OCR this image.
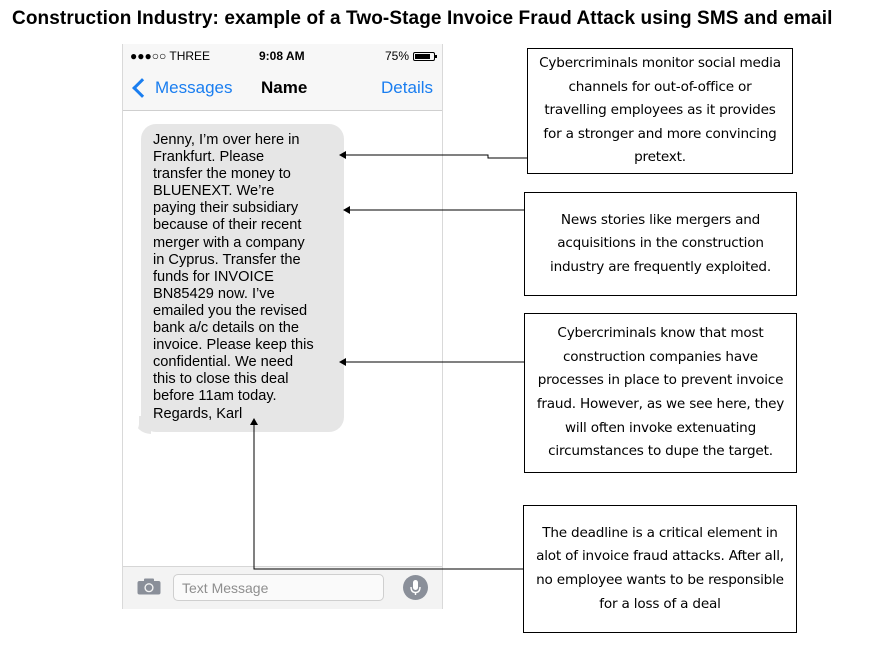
Construction Industry: example of a Two-Stage Invoice Fraud Attack using SMS and email
●●●○○ THREE	9:08 AM	75%
Messages Name	Details
Jenny, I’m over here in
Frankfurt. Please
transfer the money to
BLUENEXT. We’re
paying their subsidiary
because of their recent
merger with a company
in Cyprus. Transfer the
funds for INVOICE
BN85429 now. I’ve
emailed you the revised
bank a/c details on the
invoice. Please keep this
confidential. We need
this to close this deal
before 11am today.
Regards, Karl
Text Message
Cybercriminals monitor social media
channels for out-of-office or
travelling employees as it provides
for a stronger and more convincing
pretext.
News stories like mergers and
acquisitions in the construction
industry are frequently exploited.
Cybercriminals know that most
construction companies have
processes in place to prevent invoice
fraud. However, as we see here, they
will often invoke extenuating
circumstances to dupe the target.
The deadline is a critical element in
alot of invoice fraud attacks. After all,
no employee wants to be responsible
for a loss of a deal
